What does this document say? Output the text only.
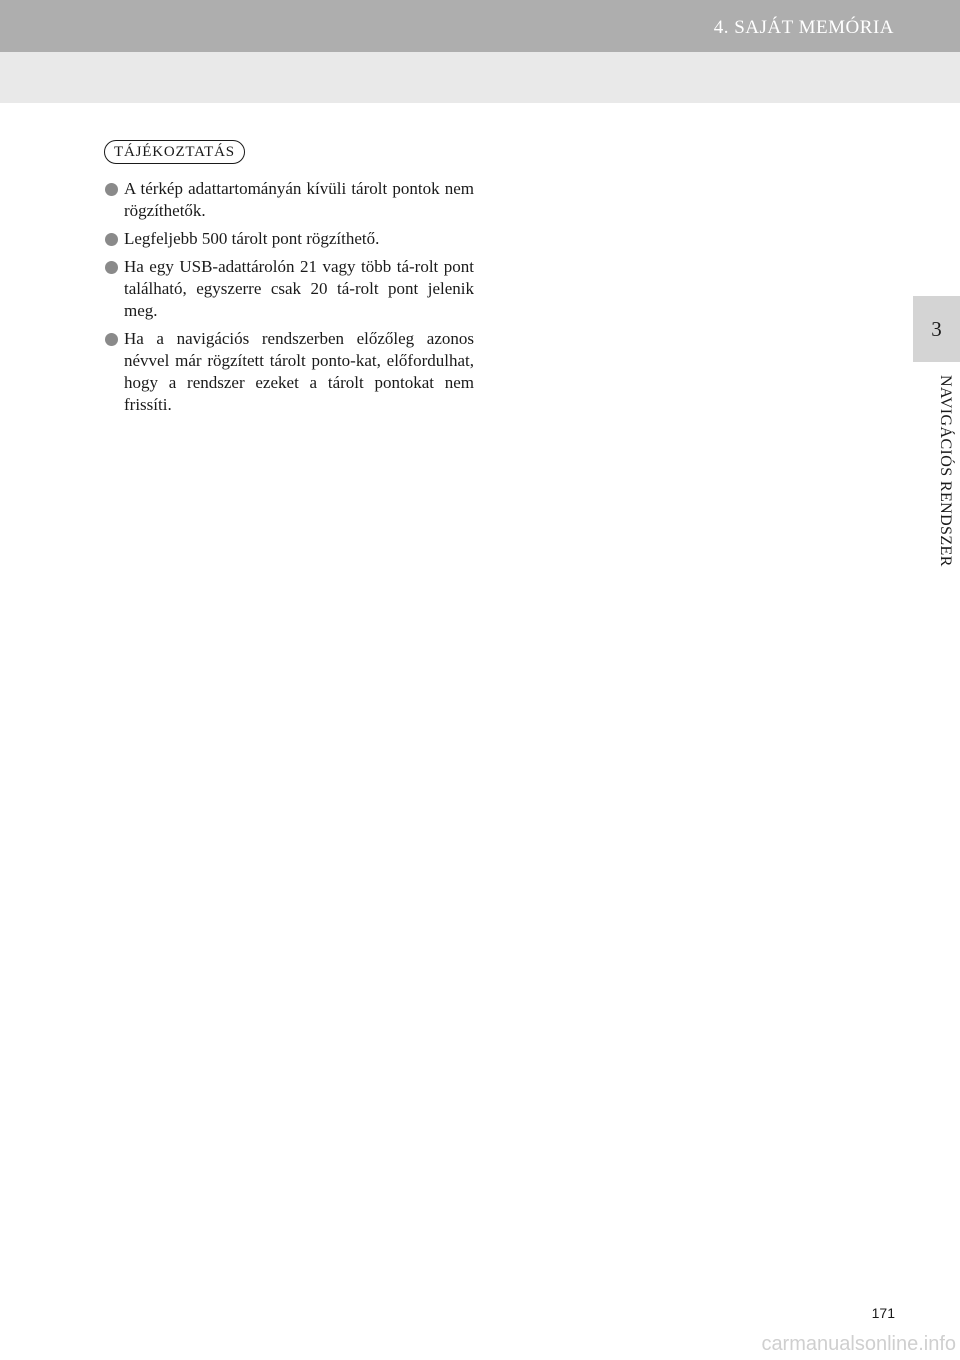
4. SAJÁT MEMÓRIA
3
NAVIGÁCIÓS RENDSZER
TÁJÉKOZTATÁS
A térkép adattartományán kívüli tárolt pontok nem rögzíthetők.
Legfeljebb 500 tárolt pont rögzíthető.
Ha egy USB-adattárolón 21 vagy több tá-rolt pont található, egyszerre csak 20 tá-rolt pont jelenik meg.
Ha a navigációs rendszerben előzőleg azonos névvel már rögzített tárolt ponto-kat, előfordulhat, hogy a rendszer ezeket a tárolt pontokat nem frissíti.
171
carmanualsonline.info
